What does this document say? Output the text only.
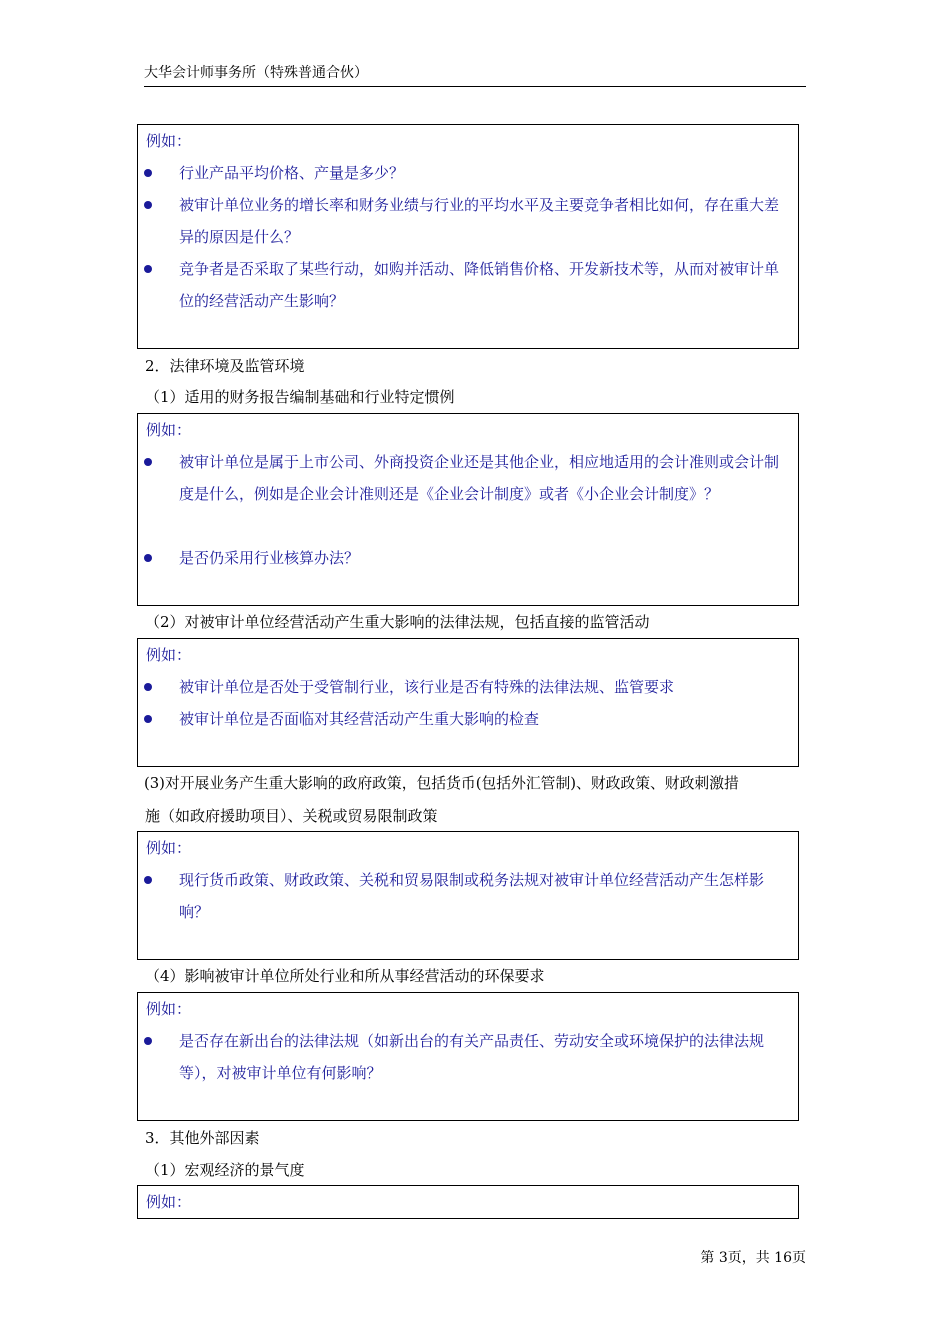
大华会计师事务所（特殊普通合伙）
例如：
行业产品平均价格、产量是多少？
被审计单位业务的增长率和财务业绩与行业的平均水平及主要竞争者相比如何，存在重大差异的原因是什么？
竞争者是否采取了某些行动，如购并活动、降低销售价格、开发新技术等，从而对被审计单位的经营活动产生影响？
2．法律环境及监管环境
（1）适用的财务报告编制基础和行业特定惯例
例如：
被审计单位是属于上市公司、外商投资企业还是其他企业，相应地适用的会计准则或会计制度是什么，例如是企业会计准则还是《企业会计制度》或者《小企业会计制度》？
是否仍采用行业核算办法？
（2）对被审计单位经营活动产生重大影响的法律法规，包括直接的监管活动
例如：
被审计单位是否处于受管制行业，该行业是否有特殊的法律法规、监管要求
被审计单位是否面临对其经营活动产生重大影响的检查
(3)对开展业务产生重大影响的政府政策，包括货币(包括外汇管制)、财政政策、财政刺激措
施（如政府援助项目）、关税或贸易限制政策
例如：
现行货币政策、财政政策、关税和贸易限制或税务法规对被审计单位经营活动产生怎样影响？
（4）影响被审计单位所处行业和所从事经营活动的环保要求
例如：
是否存在新出台的法律法规（如新出台的有关产品责任、劳动安全或环境保护的法律法规等），对被审计单位有何影响？
3．其他外部因素
（1）宏观经济的景气度
例如：
第 3页，共 16页
